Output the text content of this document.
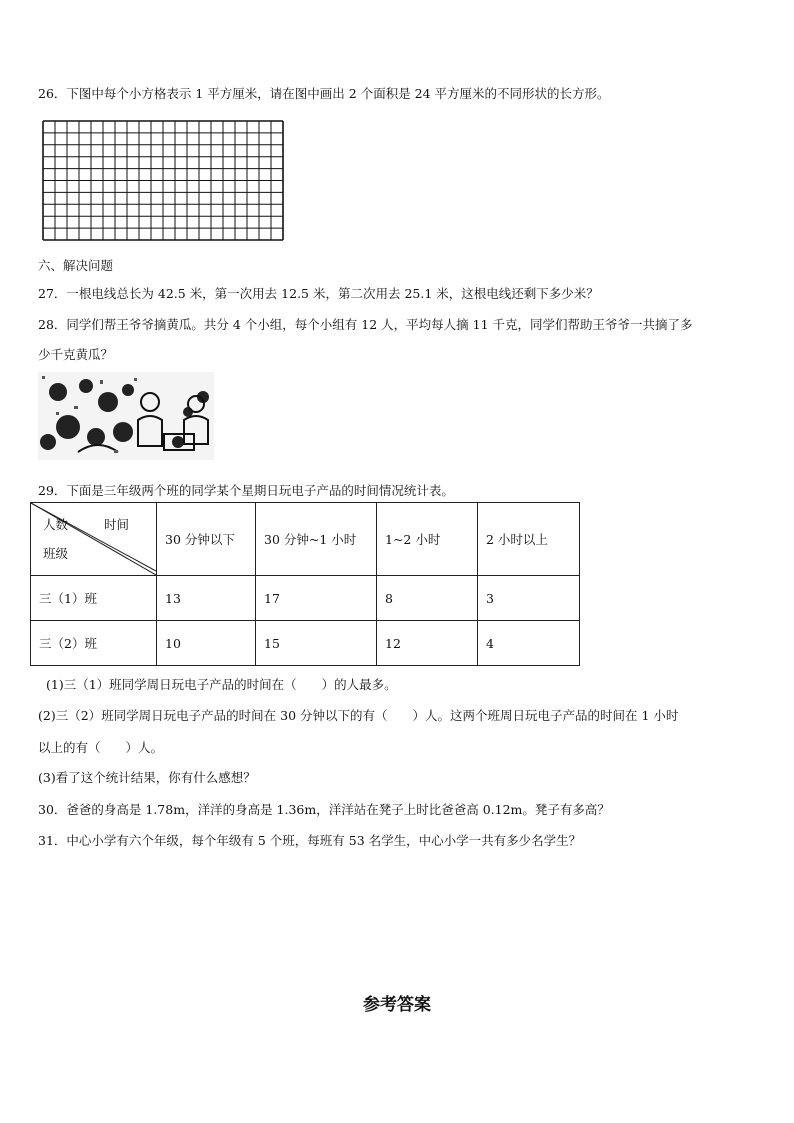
26．下图中每个小方格表示 1 平方厘米，请在图中画出 2 个面积是 24 平方厘米的不同形状的长方形。
六、解决问题
27．一根电线总长为 42.5 米，第一次用去 12.5 米，第二次用去 25.1 米，这根电线还剩下多少米？
28．同学们帮王爷爷摘黄瓜。共分 4 个小组，每个小组有 12 人，平均每人摘 11 千克，同学们帮助王爷爷一共摘了多
少千克黄瓜？
29．下面是三年级两个班的同学某个星期日玩电子产品的时间情况统计表。
人数 时间
班级	30 分钟以下	30 分钟~1 小时	1~2 小时	2 小时以上
三（1）班	13	17	8	3
三（2）班	10	15	12	4
(1)三（1）班同学周日玩电子产品的时间在（　　）的人最多。
(2)三（2）班同学周日玩电子产品的时间在 30 分钟以下的有（　　）人。这两个班周日玩电子产品的时间在 1 小时
以上的有（　　）人。
(3)看了这个统计结果，你有什么感想？
30．爸爸的身高是 1.78m，洋洋的身高是 1.36m，洋洋站在凳子上时比爸爸高 0.12m。凳子有多高？
31．中心小学有六个年级，每个年级有 5 个班，每班有 53 名学生，中心小学一共有多少名学生？
参考答案
